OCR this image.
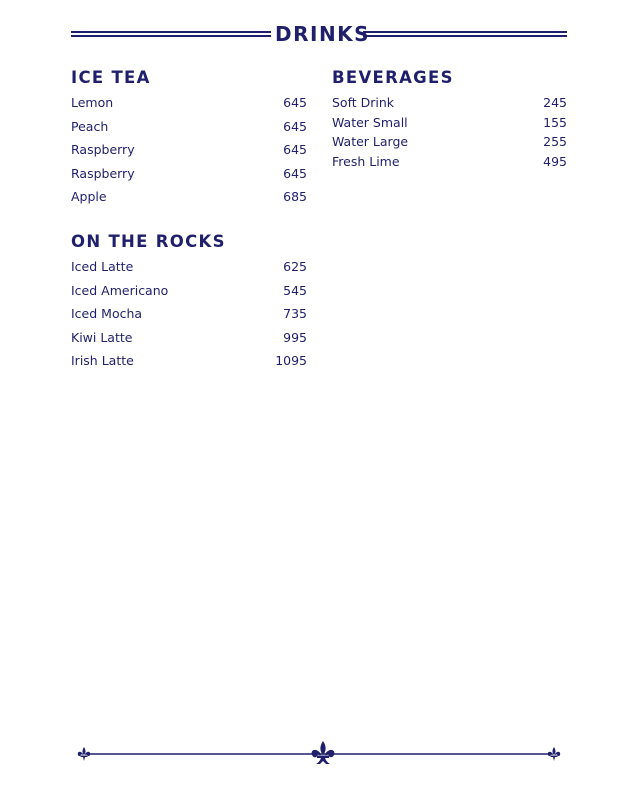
DRINKS
ICE TEA
Lemon	645
Peach	645
Raspberry	645
Raspberry	645
Apple	685
ON THE ROCKS
Iced Latte	625
Iced Americano	545
Iced Mocha	735
Kiwi Latte	995
Irish Latte	1095
BEVERAGES
Soft Drink	245
Water Small	155
Water Large	255
Fresh Lime	495
